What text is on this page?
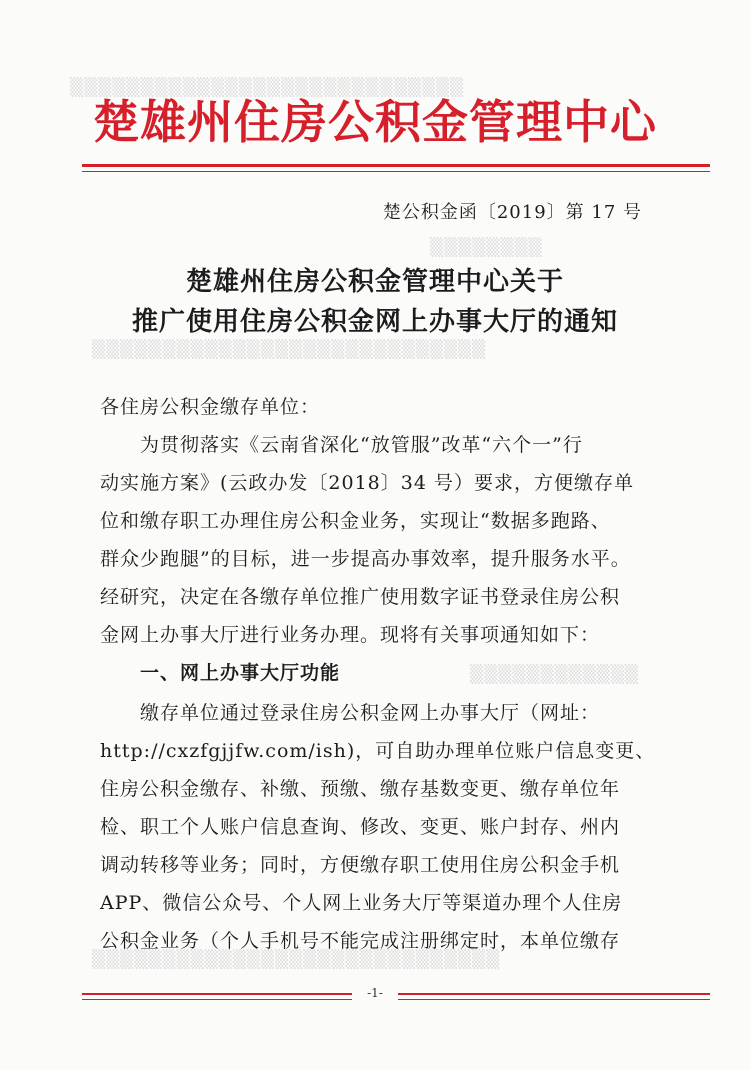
▒▒▒▒▒▒▒▒▒▒▒▒▒▒▒▒▒▒▒▒▒▒▒▒▒▒▒▒
▒▒▒▒▒▒▒▒
▒▒▒▒▒▒▒▒▒▒▒▒▒▒▒▒▒▒▒▒▒▒▒▒▒▒▒▒
▒▒▒▒▒▒▒▒▒▒▒▒
▒▒▒▒▒▒▒▒▒▒▒▒▒▒▒▒▒▒▒▒▒▒▒▒▒▒▒▒▒
楚雄州住房公积金管理中心
楚公积金函〔2019〕第 17 号
楚雄州住房公积金管理中心关于
推广使用住房公积金网上办事大厅的通知
各住房公积金缴存单位：
为贯彻落实《云南省深化“放管服”改革“六个一”行
动实施方案》(云政办发〔2018〕34 号）要求，方便缴存单
位和缴存职工办理住房公积金业务，实现让“数据多跑路、
群众少跑腿”的目标，进一步提高办事效率，提升服务水平。
经研究，决定在各缴存单位推广使用数字证书登录住房公积
金网上办事大厅进行业务办理。现将有关事项通知如下：
一、网上办事大厅功能
缴存单位通过登录住房公积金网上办事大厅（网址：
http://cxzfgjjfw.com/ish)，可自助办理单位账户信息变更、
住房公积金缴存、补缴、预缴、缴存基数变更、缴存单位年
检、职工个人账户信息查询、修改、变更、账户封存、州内
调动转移等业务；同时，方便缴存职工使用住房公积金手机
APP、微信公众号、个人网上业务大厅等渠道办理个人住房
公积金业务（个人手机号不能完成注册绑定时，本单位缴存
-1-
